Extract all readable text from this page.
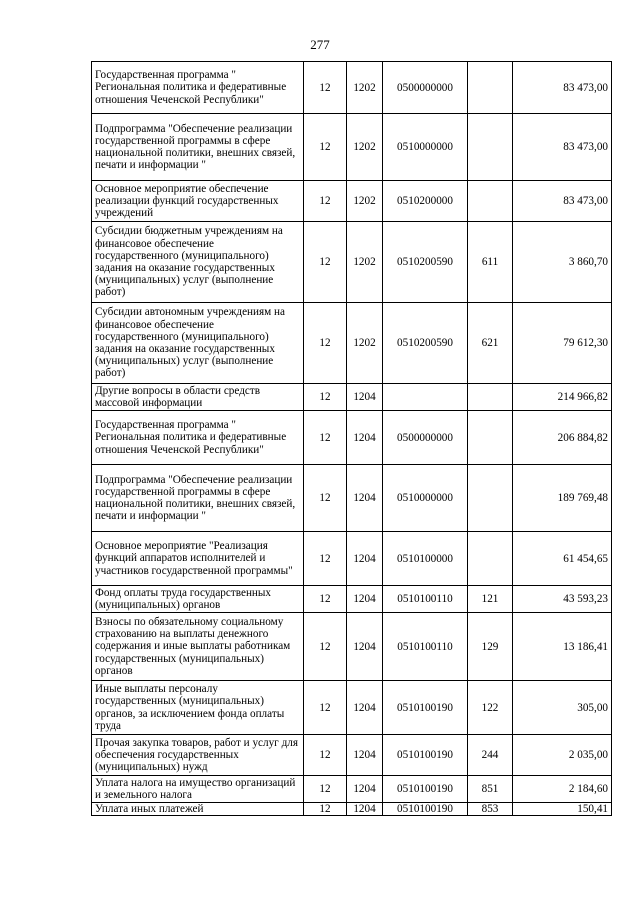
277
Государственная программа " Региональная политика и федеративные отношения Чеченской Республики"	12	1202	0500000000		83 473,00
Подпрограмма "Обеспечение реализации государственной программы в сфере национальной политики, внешних связей, печати и информации "	12	1202	0510000000		83 473,00
Основное мероприятие обеспечение реализации функций государственных учреждений	12	1202	0510200000		83 473,00
Субсидии бюджетным учреждениям на финансовое обеспечение государственного (муниципального) задания на оказание государственных (муниципальных) услуг (выполнение работ)	12	1202	0510200590	611	3 860,70
Субсидии автономным учреждениям на финансовое обеспечение государственного (муниципального) задания на оказание государственных (муниципальных) услуг (выполнение работ)	12	1202	0510200590	621	79 612,30
Другие вопросы в области средств массовой информации	12	1204			214 966,82
Государственная программа " Региональная политика и федеративные отношения Чеченской Республики"	12	1204	0500000000		206 884,82
Подпрограмма "Обеспечение реализации государственной программы в сфере национальной политики, внешних связей, печати и информации "	12	1204	0510000000		189 769,48
Основное мероприятие "Реализация функций аппаратов исполнителей и участников государственной программы"	12	1204	0510100000		61 454,65
Фонд оплаты труда государственных (муниципальных) органов	12	1204	0510100110	121	43 593,23
Взносы по обязательному социальному страхованию на выплаты денежного содержания и иные выплаты работникам государственных (муниципальных) органов	12	1204	0510100110	129	13 186,41
Иные выплаты персоналу государственных (муниципальных) органов, за исключением фонда оплаты труда	12	1204	0510100190	122	305,00
Прочая закупка товаров, работ и услуг для обеспечения государственных (муниципальных) нужд	12	1204	0510100190	244	2 035,00
Уплата налога на имущество организаций и земельного налога	12	1204	0510100190	851	2 184,60
Уплата иных платежей	12	1204	0510100190	853	150,41
